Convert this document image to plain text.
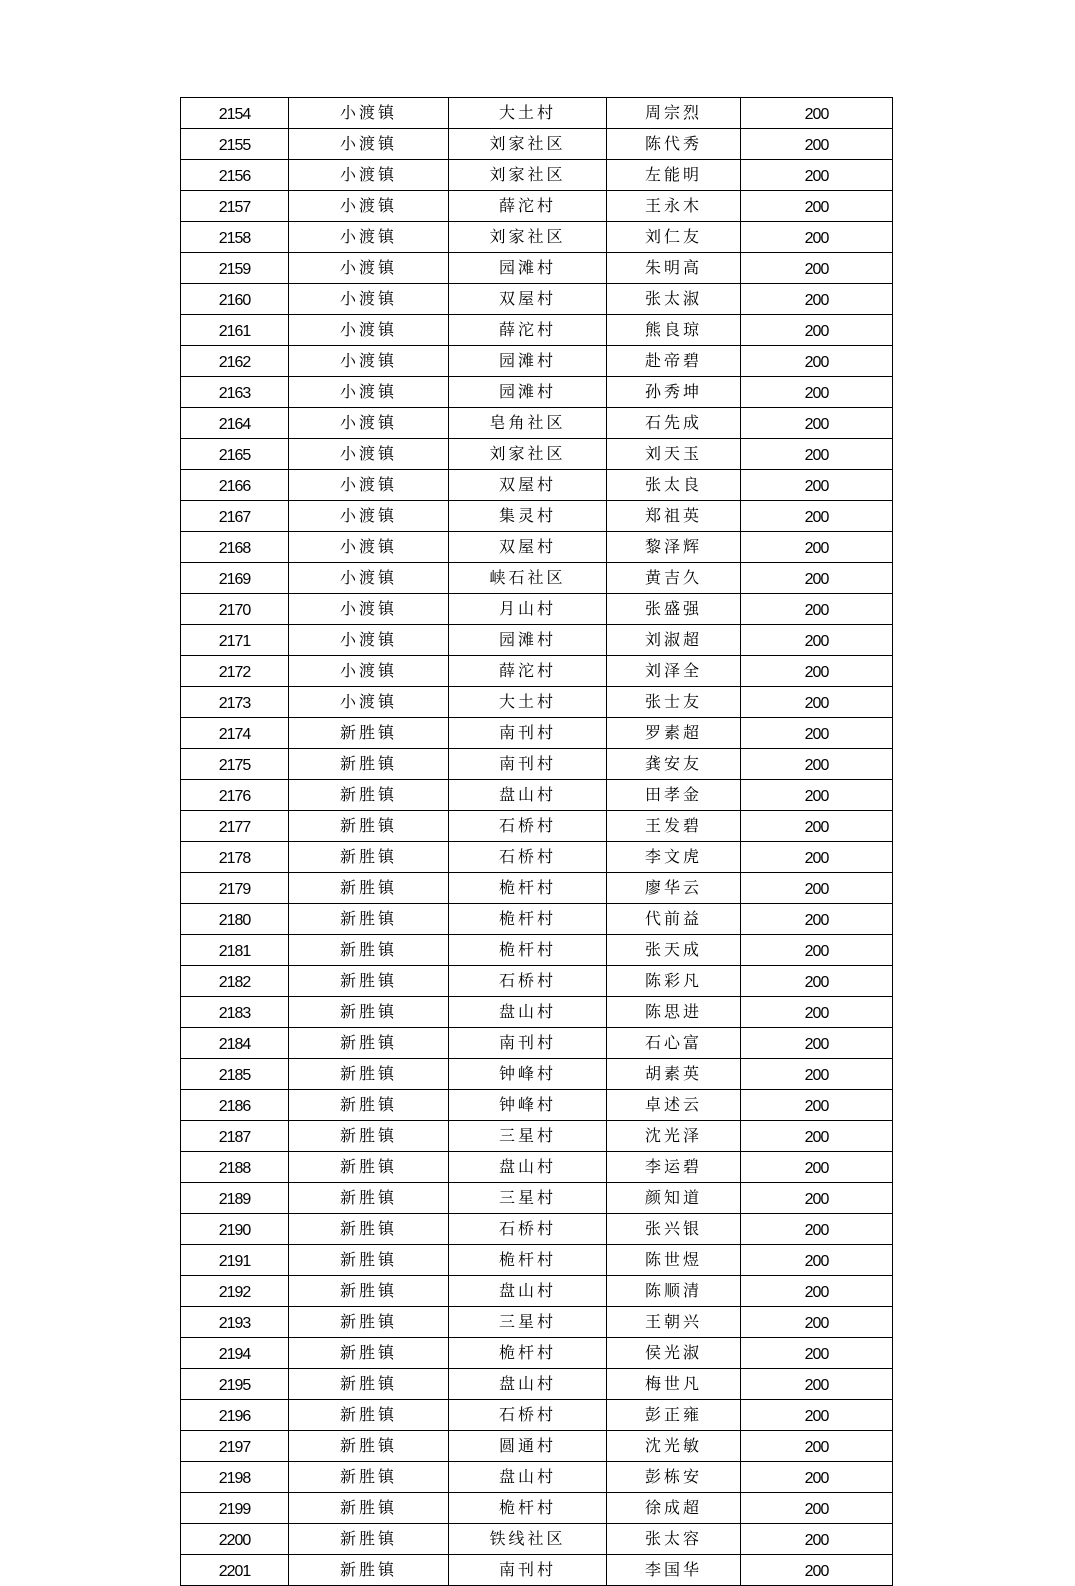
2154	小渡镇	大土村	周宗烈	200
2155	小渡镇	刘家社区	陈代秀	200
2156	小渡镇	刘家社区	左能明	200
2157	小渡镇	薛沱村	王永木	200
2158	小渡镇	刘家社区	刘仁友	200
2159	小渡镇	园滩村	朱明高	200
2160	小渡镇	双屋村	张太淑	200
2161	小渡镇	薛沱村	熊良琼	200
2162	小渡镇	园滩村	赴帝碧	200
2163	小渡镇	园滩村	孙秀坤	200
2164	小渡镇	皂角社区	石先成	200
2165	小渡镇	刘家社区	刘天玉	200
2166	小渡镇	双屋村	张太良	200
2167	小渡镇	集灵村	郑祖英	200
2168	小渡镇	双屋村	黎泽辉	200
2169	小渡镇	峡石社区	黄吉久	200
2170	小渡镇	月山村	张盛强	200
2171	小渡镇	园滩村	刘淑超	200
2172	小渡镇	薛沱村	刘泽全	200
2173	小渡镇	大土村	张士友	200
2174	新胜镇	南刊村	罗素超	200
2175	新胜镇	南刊村	龚安友	200
2176	新胜镇	盘山村	田孝金	200
2177	新胜镇	石桥村	王发碧	200
2178	新胜镇	石桥村	李文虎	200
2179	新胜镇	桅杆村	廖华云	200
2180	新胜镇	桅杆村	代前益	200
2181	新胜镇	桅杆村	张天成	200
2182	新胜镇	石桥村	陈彩凡	200
2183	新胜镇	盘山村	陈思进	200
2184	新胜镇	南刊村	石心富	200
2185	新胜镇	钟峰村	胡素英	200
2186	新胜镇	钟峰村	卓述云	200
2187	新胜镇	三星村	沈光泽	200
2188	新胜镇	盘山村	李运碧	200
2189	新胜镇	三星村	颜知道	200
2190	新胜镇	石桥村	张兴银	200
2191	新胜镇	桅杆村	陈世煜	200
2192	新胜镇	盘山村	陈顺清	200
2193	新胜镇	三星村	王朝兴	200
2194	新胜镇	桅杆村	侯光淑	200
2195	新胜镇	盘山村	梅世凡	200
2196	新胜镇	石桥村	彭正雍	200
2197	新胜镇	圆通村	沈光敏	200
2198	新胜镇	盘山村	彭栋安	200
2199	新胜镇	桅杆村	徐成超	200
2200	新胜镇	铁线社区	张太容	200
2201	新胜镇	南刊村	李国华	200
